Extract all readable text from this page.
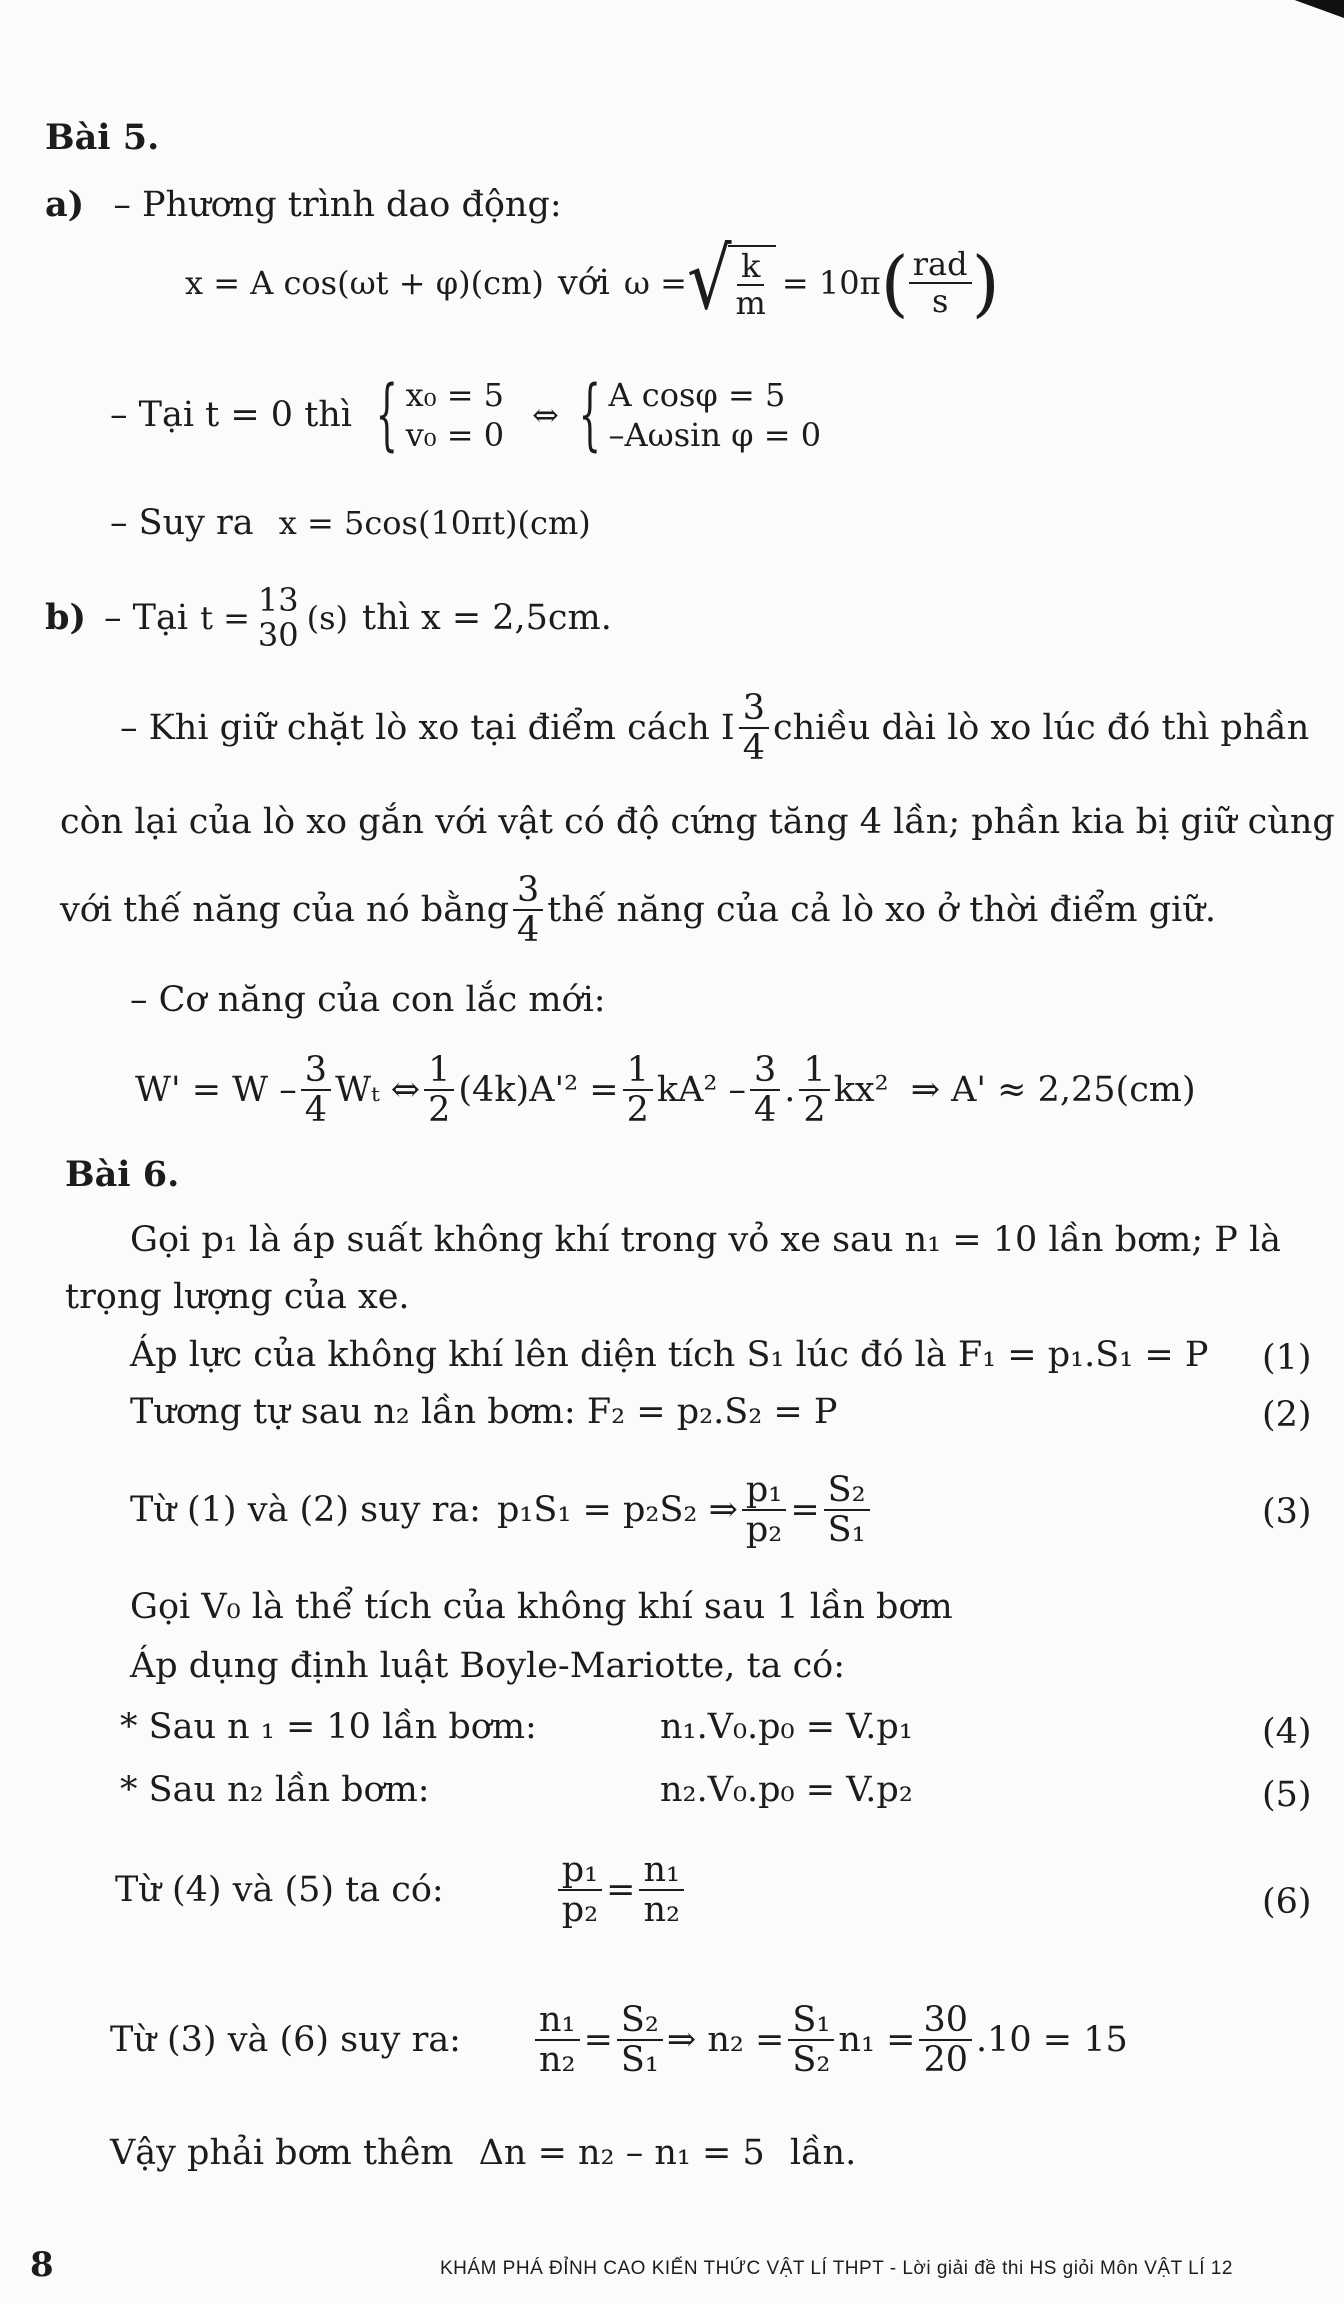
Bài 5.
a) – Phương trình dao động:
x = A cos(ωt + φ)(cm) với ω = √ $\frac{k}{m} = 10\pi$ ( $\frac{\text{rad}}{s}$ )
– Tại t = 0 thì { x₀ = 5
v₀ = 0
⇔ { A cosφ = 5
–Aωsin φ = 0
– Suy ra x = 5cos(10πt)(cm)
b) – Tại t = 13
30 (s) thì x = 2,5cm.
– Khi giữ chặt lò xo tại điểm cách I $\frac{3}{4}$ chiều dài lò xo lúc đó thì phần
còn lại của lò xo gắn với vật có độ cứng tăng 4 lần; phần kia bị giữ cùng
với thế năng của nó bằng $\frac{3}{4}$ thế năng của cả lò xo ở thời điểm giữ.
– Cơ năng của con lắc mới:
$W' = W - \frac{3}{4}$ Wₜ ⇔ $\frac{1}{2} (4k)A'^2 = \frac{1}{2} kA^2 - \frac{3}{4}$ . $\frac{1}{2} kx^2$ ⇒ A' ≈ 2,25(cm)
Bài 6.
Gọi p₁ là áp suất không khí trong vỏ xe sau n₁ = 10 lần bơm; P là
trọng lượng của xe.
Áp lực của không khí lên diện tích S₁ lúc đó là F₁ = p₁.S₁ = P (1)
Tương tự sau n₂ lần bơm: F₂ = p₂.S₂ = P	(2)
Từ (1) và (2) suy ra: p₁S₁ = p₂S₂ ⇒ $\frac{\text{p₁}}{\text{p₂}} = \frac{\text{S₂}}{\text{S₁}}$	(3)
Gọi V₀ là thể tích của không khí sau 1 lần bơm
Áp dụng định luật Boyle-Mariotte, ta có:
* Sau n ₁ = 10 lần bơm:	n₁.V₀.p₀ = V.p₁	(4)
* Sau n₂ lần bơm:	n₂.V₀.p₀ = V.p₂	(5)
Từ (4) và (5) ta có:	$\frac{\text{p₁}}{\text{p₂}} = \frac{\text{n₁}}{\text{n₂}}$	(6)
Từ (3) và (6) suy ra: $\frac{\text{n₁}}{\text{n₂}} = \frac{\text{S₂}}{\text{S₁}}$ ⇒ $n_2 = \frac{\text{S₁}}{\text{S₂}} n_1 = \frac{30}{20} .10 = 15$
Vậy phải bơm thêm Δn = n₂ – n₁ = 5 lần.
8	KHÁM PHÁ ĐỈNH CAO KIẾN THỨC VẬT LÍ THPT - Lời giải đề thi HS giỏi Môn VẬT LÍ 12
